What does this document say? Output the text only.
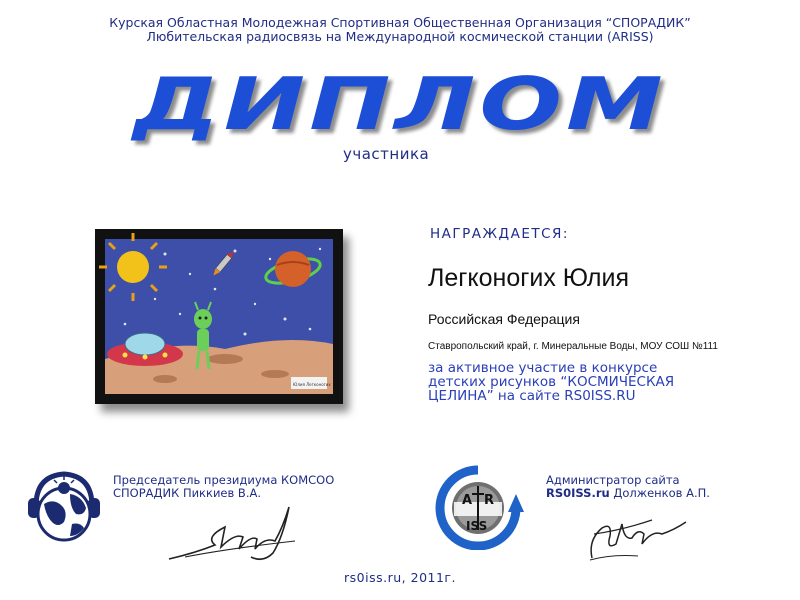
Курская Областная Молодежная Спортивная Общественная Организация “СПОРАДИК”
Любительская радиосвязь на Международной космической станции (ARISS)
ДИПЛОМ
участника
Юлия Легконогих
НАГРАЖДАЕТСЯ:
Легконогих Юлия
Российская Федерация
Ставропольский край, г. Минеральные Воды, МОУ СОШ №111
за активное участие в конкурсе
детских рисунков “КОСМИЧЕСКАЯ
ЦЕЛИНА” на сайте RS0ISS.RU
Председатель президиума КОМСОО
СПОРАДИК Пиккиев В.А.	A R
ISS
Администратор сайта
RS0ISS.ru Долженков А.П.
rs0iss.ru, 2011г.
